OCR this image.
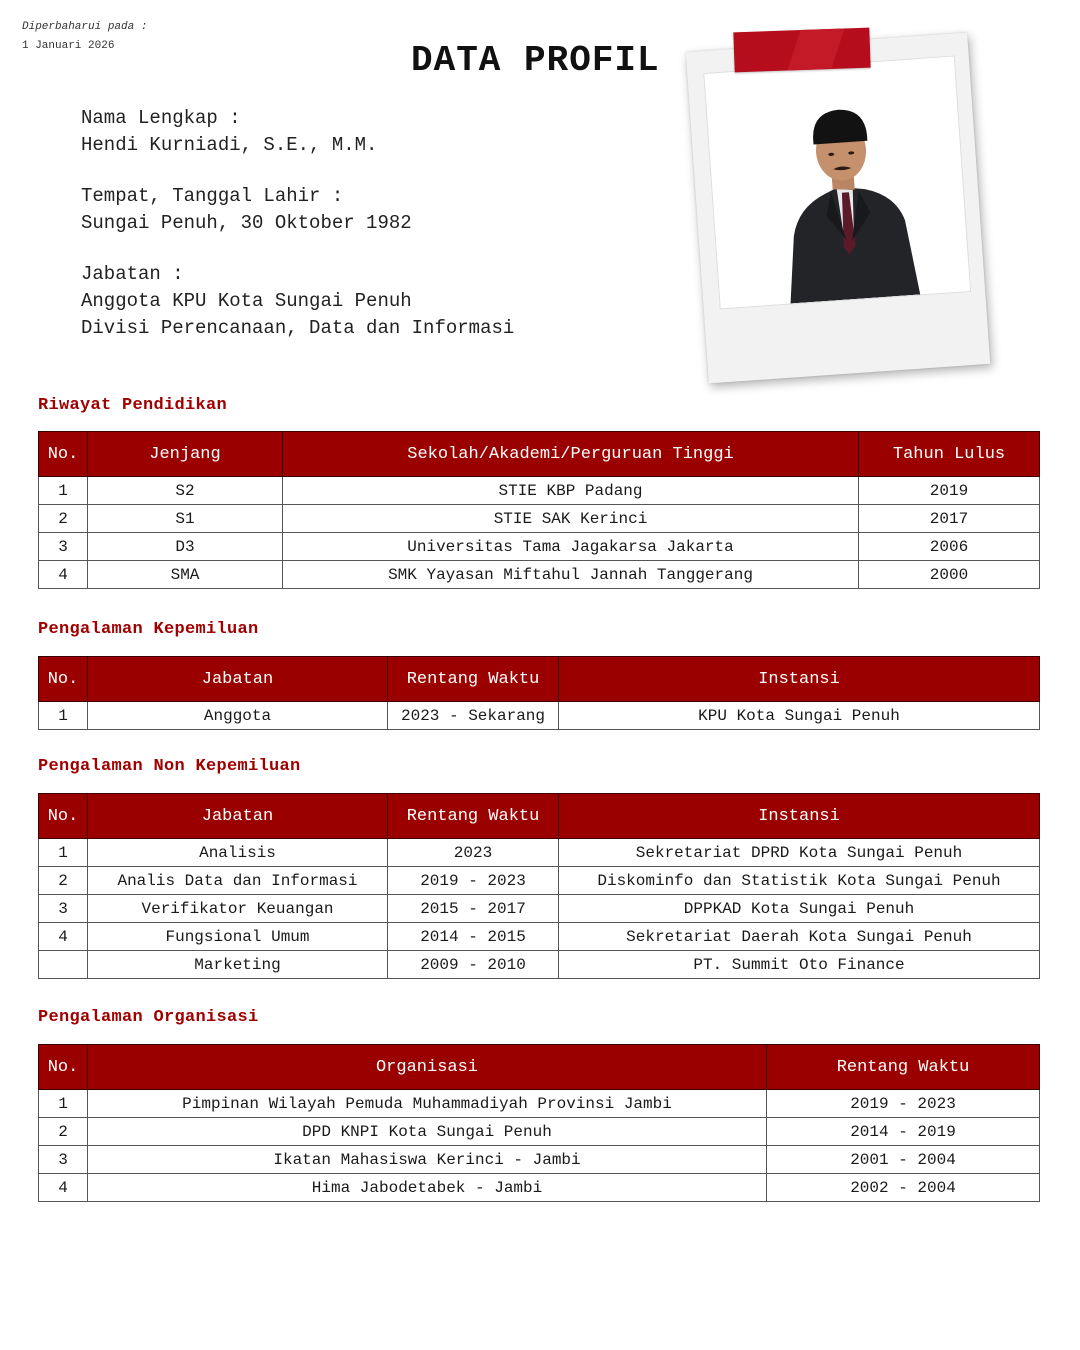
Diperbaharui pada :
1 Januari 2026	DATA PROFIL
Nama Lengkap :
Hendi Kurniadi, S.E., M.M.
Tempat, Tanggal Lahir :
Sungai Penuh, 30 Oktober 1982
Jabatan :
Anggota KPU Kota Sungai Penuh
Divisi Perencanaan, Data dan Informasi
Riwayat Pendidikan
No.	Jenjang	Sekolah/Akademi/Perguruan Tinggi	Tahun Lulus
1	S2	STIE KBP Padang	2019
2	S1	STIE SAK Kerinci	2017
3	D3	Universitas Tama Jagakarsa Jakarta	2006
4	SMA	SMK Yayasan Miftahul Jannah Tanggerang	2000
Pengalaman Kepemiluan
No.	Jabatan	Rentang Waktu	Instansi
1	Anggota	2023 - Sekarang	KPU Kota Sungai Penuh
Pengalaman Non Kepemiluan
No.	Jabatan	Rentang Waktu	Instansi
1	Analisis	2023	Sekretariat DPRD Kota Sungai Penuh
2	Analis Data dan Informasi	2019 - 2023	Diskominfo dan Statistik Kota Sungai Penuh
3	Verifikator Keuangan	2015 - 2017	DPPKAD Kota Sungai Penuh
4	Fungsional Umum	2014 - 2015	Sekretariat Daerah Kota Sungai Penuh
	Marketing	2009 - 2010	PT. Summit Oto Finance
Pengalaman Organisasi
No.	Organisasi	Rentang Waktu
1	Pimpinan Wilayah Pemuda Muhammadiyah Provinsi Jambi	2019 - 2023
2	DPD KNPI Kota Sungai Penuh	2014 - 2019
3	Ikatan Mahasiswa Kerinci - Jambi	2001 - 2004
4	Hima Jabodetabek - Jambi	2002 - 2004
